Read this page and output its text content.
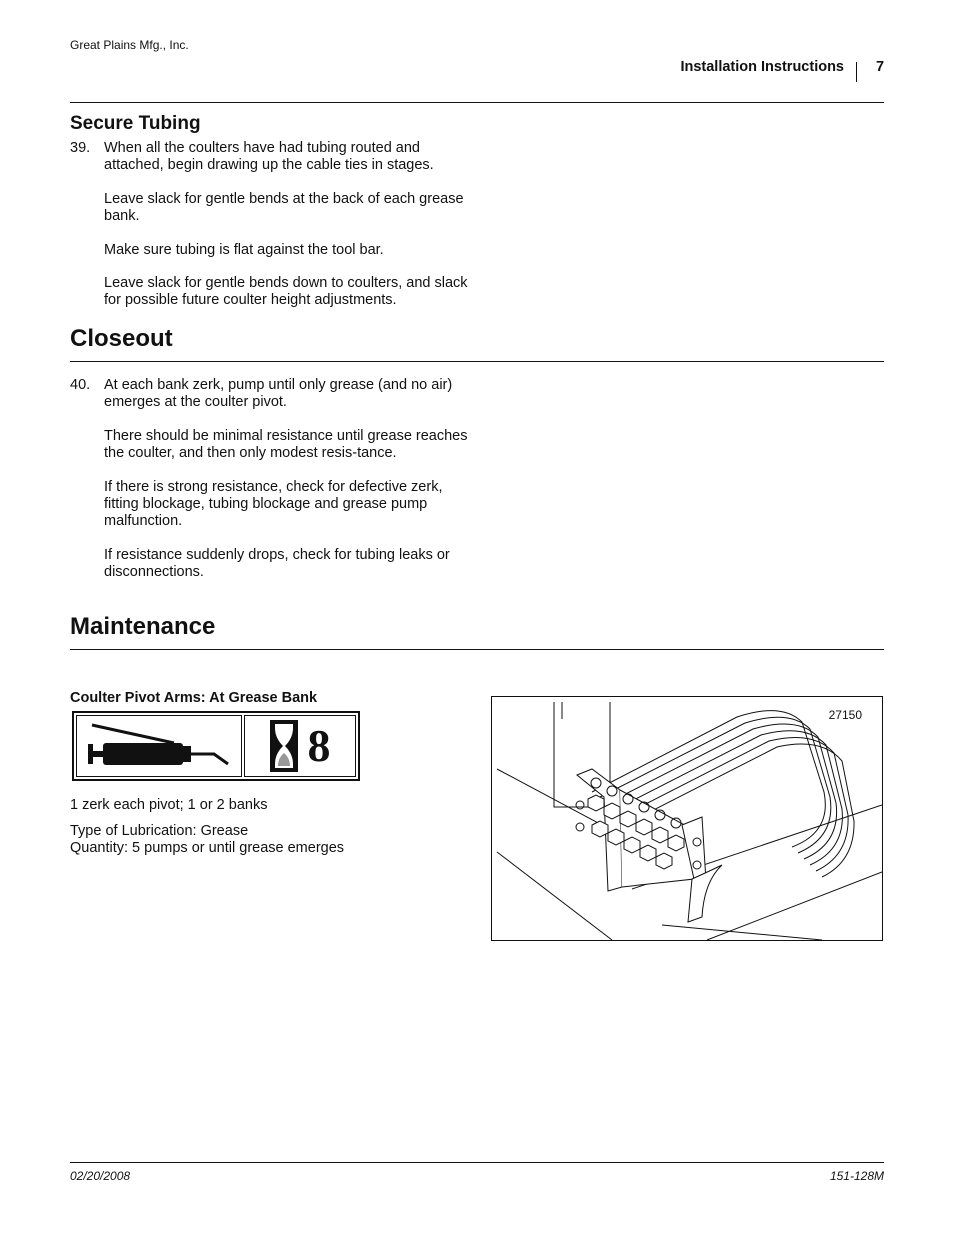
Great Plains Mfg., Inc.
Installation Instructions 7
Secure Tubing
39. When all the coulters have had tubing routed and attached, begin drawing up the cable ties in stages.

Leave slack for gentle bends at the back of each grease bank.

Make sure tubing is flat against the tool bar.

Leave slack for gentle bends down to coulters, and slack for possible future coulter height adjustments.

Closeout
40. At each bank zerk, pump until only grease (and no air) emerges at the coulter pivot.

There should be minimal resistance until grease reaches the coulter, and then only modest resis-tance.

If there is strong resistance, check for defective zerk, fitting blockage, tubing blockage and grease pump malfunction.

If resistance suddenly drops, check for tubing leaks or disconnections.

Maintenance
Coulter Pivot Arms: At Grease Bank
8
1 zerk each pivot; 1 or 2 banks
Type of Lubrication: Grease
Quantity: 5 pumps or until grease emerges
27150
02/20/2008	151-128M
